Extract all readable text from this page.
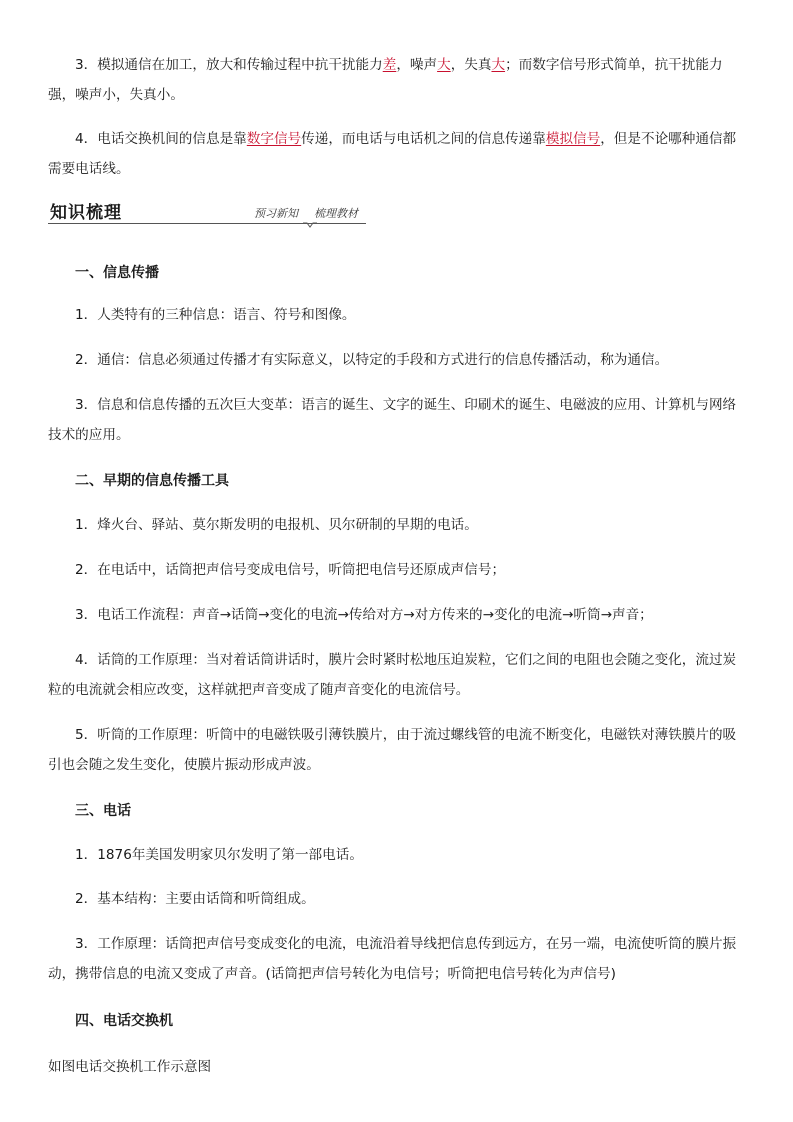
3．模拟通信在加工，放大和传输过程中抗干扰能力差，噪声大，失真大；而数字信号形式简单，抗干扰能力强，噪声小，失真小。
4．电话交换机间的信息是靠数字信号传递，而电话与电话机之间的信息传递靠模拟信号，但是不论哪种通信都需要电话线。
知识梳理	预习新知 梳理教材
一、信息传播
1．人类特有的三种信息：语言、符号和图像。
2．通信：信息必须通过传播才有实际意义，以特定的手段和方式进行的信息传播活动，称为通信。
3．信息和信息传播的五次巨大变革：语言的诞生、文字的诞生、印刷术的诞生、电磁波的应用、计算机与网络技术的应用。
二、早期的信息传播工具
1．烽火台、驿站、莫尔斯发明的电报机、贝尔研制的早期的电话。
2．在电话中，话筒把声信号变成电信号，听筒把电信号还原成声信号；
3．电话工作流程：声音→话筒→变化的电流→传给对方→对方传来的→变化的电流→听筒→声音；
4．话筒的工作原理：当对着话筒讲话时，膜片会时紧时松地压迫炭粒，它们之间的电阻也会随之变化，流过炭粒的电流就会相应改变，这样就把声音变成了随声音变化的电流信号。
5．听筒的工作原理：听筒中的电磁铁吸引薄铁膜片，由于流过螺线管的电流不断变化，电磁铁对薄铁膜片的吸引也会随之发生变化，使膜片振动形成声波。
三、电话
1．1876年美国发明家贝尔发明了第一部电话。
2．基本结构：主要由话筒和听筒组成。
3．工作原理：话筒把声信号变成变化的电流，电流沿着导线把信息传到远方，在另一端，电流使听筒的膜片振动，携带信息的电流又变成了声音。(话筒把声信号转化为电信号；听筒把电信号转化为声信号)
四、电话交换机
如图电话交换机工作示意图
